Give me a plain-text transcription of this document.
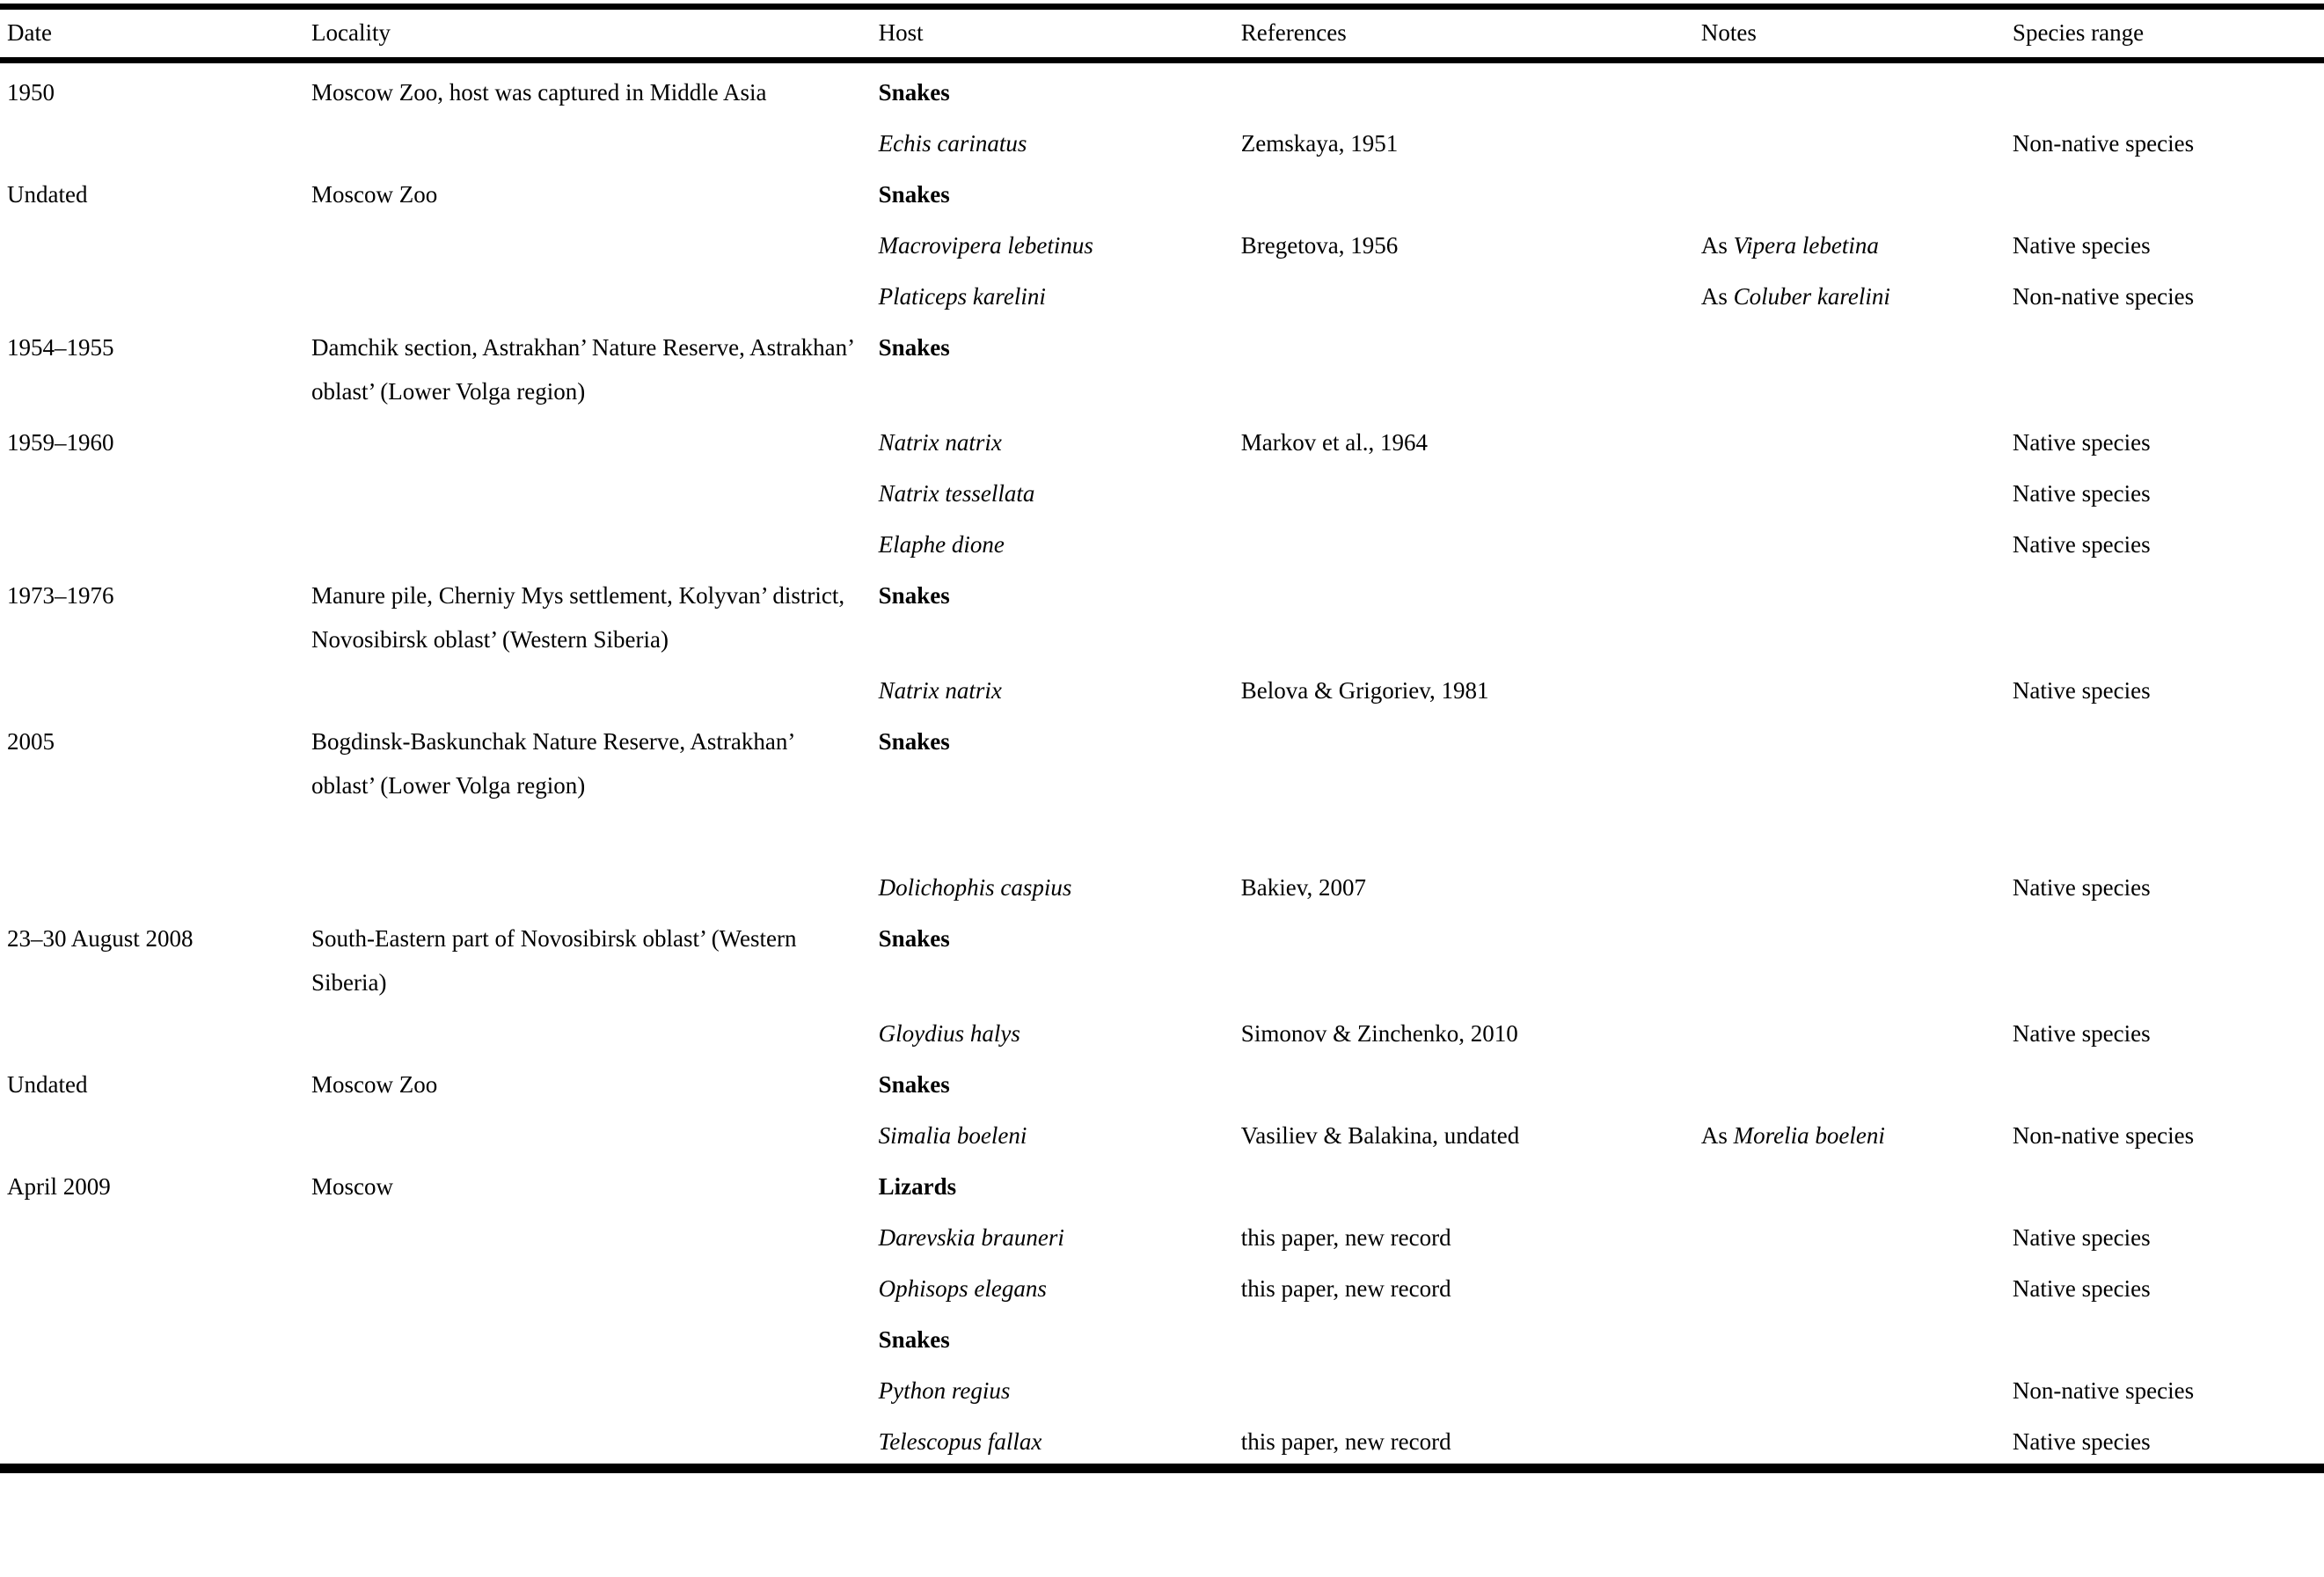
Date	Locality	Host	References	Notes	Species range
1950	Moscow Zoo, host was captured in Middle Asia	Snakes			
		Echis carinatus	Zemskaya, 1951		Non-native species
Undated	Moscow Zoo	Snakes			
		Macrovipera lebetinus	Bregetova, 1956	As Vipera lebetina	Native species
		Platiceps karelini		As Coluber karelini	Non-native species
1954–1955	Damchik section, Astrakhan’ Nature Reserve, Astrakhan’ oblast’ (Lower Volga region)	Snakes			
1959–1960		Natrix natrix	Markov et al., 1964		Native species
		Natrix tessellata			Native species
		Elaphe dione			Native species
1973–1976	Manure pile, Cherniy Mys settlement, Kolyvan’ district, Novosibirsk oblast’ (Western Siberia)	Snakes			
		Natrix natrix	Belova & Grigoriev, 1981		Native species
2005	Bogdinsk-Baskunchak Nature Reserve, Astrakhan’ oblast’ (Lower Volga region)	Snakes			
		Dolichophis caspius	Bakiev, 2007		Native species
23–30 August 2008	South-Eastern part of Novosibirsk oblast’ (Western Siberia)	Snakes			
		Gloydius halys	Simonov & Zinchenko, 2010		Native species
Undated	Moscow Zoo	Snakes			
		Simalia boeleni	Vasiliev & Balakina, undated	As Morelia boeleni	Non-native species
April 2009	Moscow	Lizards			
		Darevskia brauneri	this paper, new record		Native species
		Ophisops elegans	this paper, new record		Native species
		Snakes			
		Python regius			Non-native species
		Telescopus fallax	this paper, new record		Native species
